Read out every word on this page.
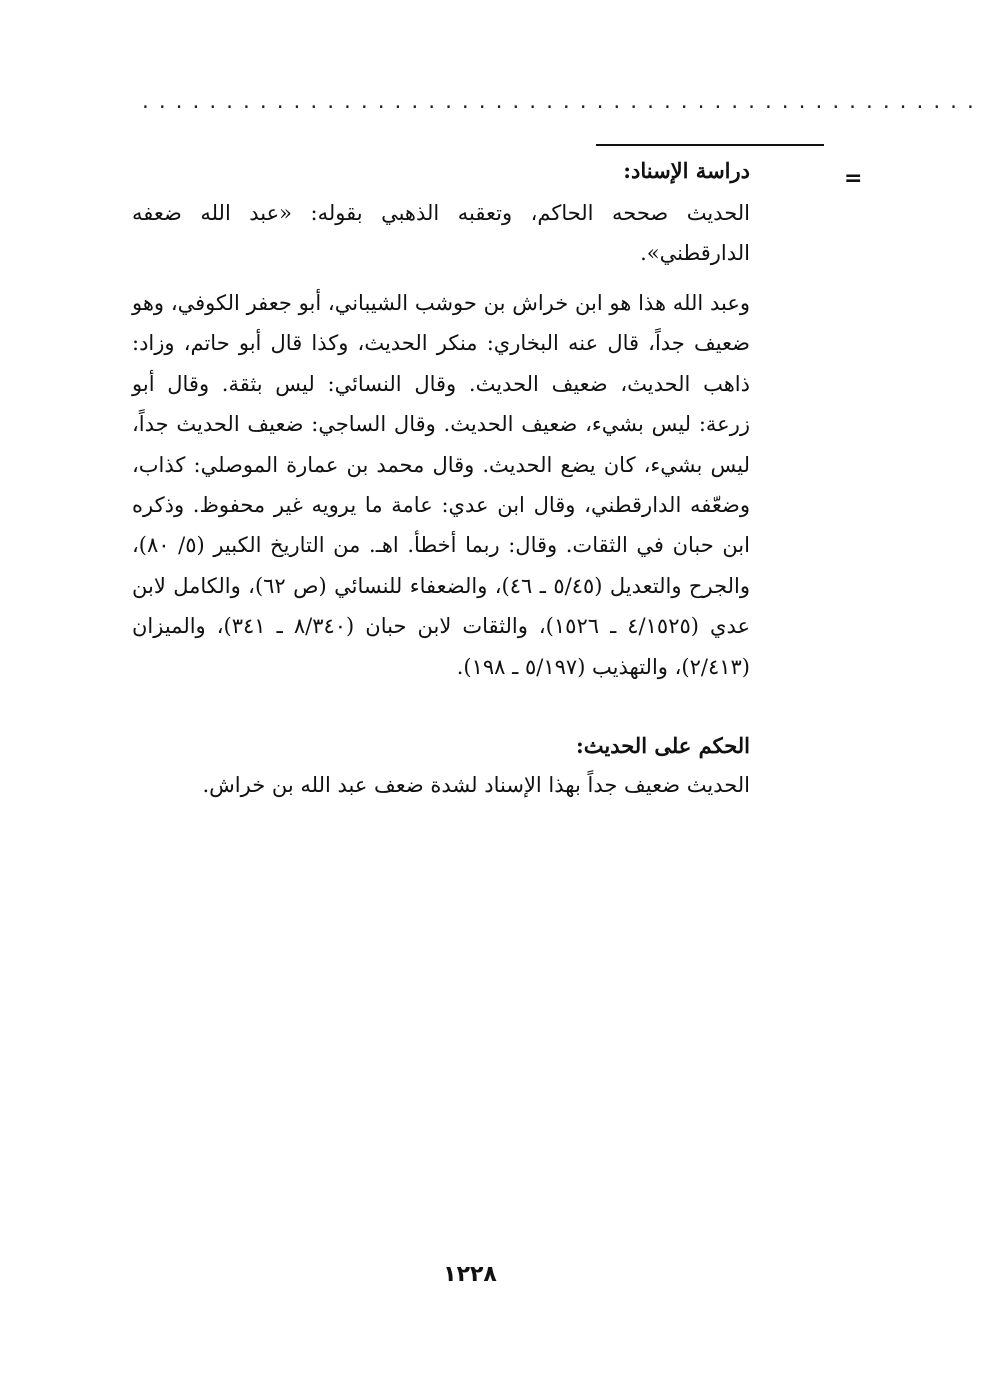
..................................................
=
دراسة الإسناد:
الحديث صححه الحاكم، وتعقبه الذهبي بقوله: «عبد الله ضعفه الدارقطني».
وعبد الله هذا هو ابن خراش بن حوشب الشيباني، أبو جعفر الكوفي، وهو ضعيف جداً، قال عنه البخاري: منكر الحديث، وكذا قال أبو حاتم، وزاد: ذاهب الحديث، ضعيف الحديث. وقال النسائي: ليس بثقة. وقال أبو زرعة: ليس بشيء، ضعيف الحديث. وقال الساجي: ضعيف الحديث جداً، ليس بشيء، كان يضع الحديث. وقال محمد بن عمارة الموصلي: كذاب، وضعّفه الدارقطني، وقال ابن عدي: عامة ما يرويه غير محفوظ. وذكره ابن حبان في الثقات. وقال: ربما أخطأ. اهـ. من التاريخ الكبير (٥/ ٨٠)، والجرح والتعديل (٥/٤٥ ـ ٤٦)، والضعفاء للنسائي (ص ٦٢)، والكامل لابن عدي (٤/١٥٢٥ ـ ١٥٢٦)، والثقات لابن حبان (٨/٣٤٠ ـ ٣٤١)، والميزان (٢/٤١٣)، والتهذيب (٥/١٩٧ ـ ١٩٨).
الحكم على الحديث:
الحديث ضعيف جداً بهذا الإسناد لشدة ضعف عبد الله بن خراش.
١٢٢٨
